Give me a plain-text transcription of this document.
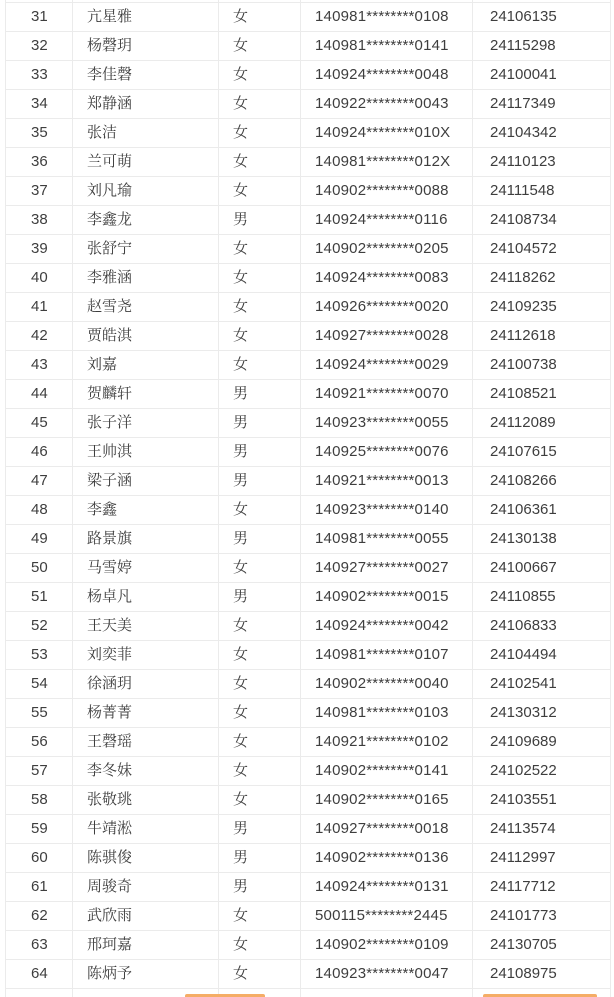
31	亢星雅	女	140981********0108	24106135
32	杨磬玥	女	140981********0141	24115298
33	李佳磬	女	140924********0048	24100041
34	郑静涵	女	140922********0043	24117349
35	张洁	女	140924********010X	24104342
36	兰可萌	女	140981********012X	24110123
37	刘凡瑜	女	140902********0088	24111548
38	李鑫龙	男	140924********0116	24108734
39	张舒宁	女	140902********0205	24104572
40	李雅涵	女	140924********0083	24118262
41	赵雪尧	女	140926********0020	24109235
42	贾皓淇	女	140927********0028	24112618
43	刘嘉	女	140924********0029	24100738
44	贺麟轩	男	140921********0070	24108521
45	张子洋	男	140923********0055	24112089
46	王帅淇	男	140925********0076	24107615
47	梁子涵	男	140921********0013	24108266
48	李鑫	女	140923********0140	24106361
49	路景旗	男	140981********0055	24130138
50	马雪婷	女	140927********0027	24100667
51	杨卓凡	男	140902********0015	24110855
52	王天美	女	140924********0042	24106833
53	刘奕菲	女	140981********0107	24104494
54	徐涵玥	女	140902********0040	24102541
55	杨菁菁	女	140981********0103	24130312
56	王磬瑶	女	140921********0102	24109689
57	李冬妹	女	140902********0141	24102522
58	张敬珧	女	140902********0165	24103551
59	牛靖淞	男	140927********0018	24113574
60	陈骐俊	男	140902********0136	24112997
61	周骏奇	男	140924********0131	24117712
62	武欣雨	女	500115********2445	24101773
63	邢珂嘉	女	140902********0109	24130705
64	陈炳予	女	140923********0047	24108975
